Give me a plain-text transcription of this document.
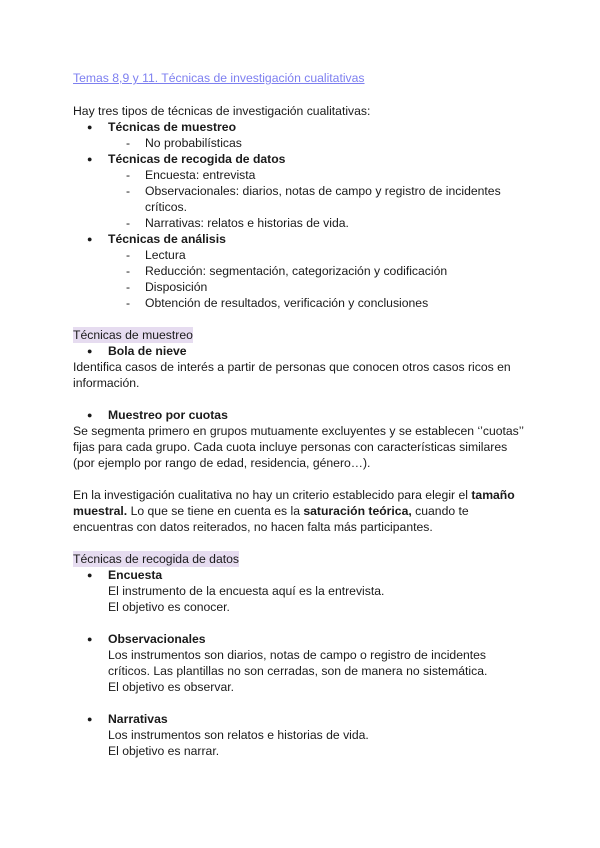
Temas 8,9 y 11. Técnicas de investigación cualitativas
Hay tres tipos de técnicas de investigación cualitativas:
● Técnicas de muestreo
- No probabilísticas
● Técnicas de recogida de datos
- Encuesta: entrevista
- Observacionales: diarios, notas de campo y registro de incidentes
críticos.
- Narrativas: relatos e historias de vida.
● Técnicas de análisis
- Lectura
- Reducción: segmentación, categorización y codificación
- Disposición
- Obtención de resultados, verificación y conclusiones
Técnicas de muestreo
● Bola de nieve
Identifica casos de interés a partir de personas que conocen otros casos ricos en
información.
● Muestreo por cuotas
Se segmenta primero en grupos mutuamente excluyentes y se establecen ‘’cuotas’’
fijas para cada grupo. Cada cuota incluye personas con características similares
(por ejemplo por rango de edad, residencia, género…).
En la investigación cualitativa no hay un criterio establecido para elegir el tamaño
muestral. Lo que se tiene en cuenta es la saturación teórica, cuando te
encuentras con datos reiterados, no hacen falta más participantes.
Técnicas de recogida de datos
● Encuesta
El instrumento de la encuesta aquí es la entrevista.
El objetivo es conocer.
● Observacionales
Los instrumentos son diarios, notas de campo o registro de incidentes
críticos. Las plantillas no son cerradas, son de manera no sistemática.
El objetivo es observar.
● Narrativas
Los instrumentos son relatos e historias de vida.
El objetivo es narrar.
